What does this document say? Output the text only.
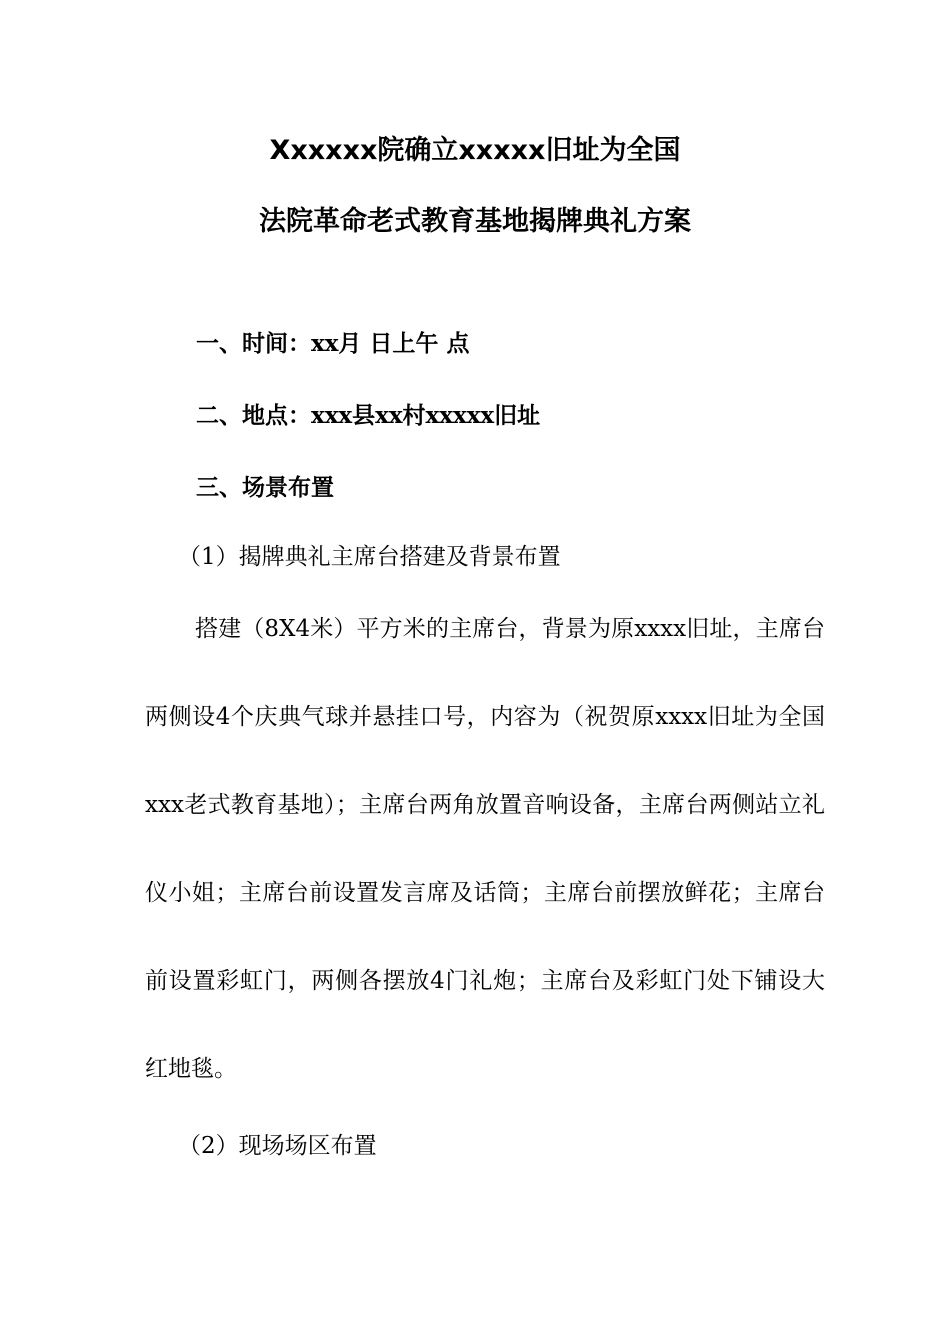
Xxxxxx院确立xxxxx旧址为全国
法院革命老式教育基地揭牌典礼方案
一、时间：xx月 日上午 点
二、地点：xxx县xx村xxxxx旧址
三、场景布置
（1）揭牌典礼主席台搭建及背景布置
搭建（8X4米）平方米的主席台，背景为原xxxx旧址，主席台两侧设4个庆典气球并悬挂口号，内容为（祝贺原xxxx旧址为全国xxx老式教育基地）；主席台两角放置音响设备，主席台两侧站立礼仪小姐；主席台前设置发言席及话筒；主席台前摆放鲜花；主席台前设置彩虹门，两侧各摆放4门礼炮；主席台及彩虹门处下铺设大红地毯。
（2）现场场区布置
